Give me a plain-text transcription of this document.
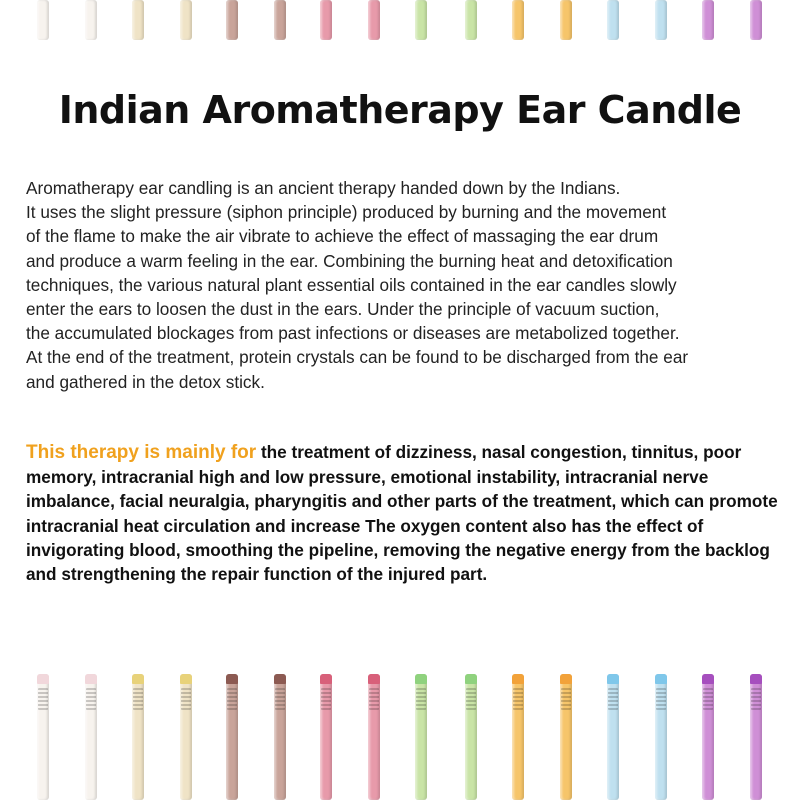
Indian Aromatherapy Ear Candle

Aromatherapy ear candling is an ancient therapy handed down by the Indians.
It uses the slight pressure (siphon principle) produced by burning and the movement
of the flame to make the air vibrate to achieve the effect of massaging the ear drum
and produce a warm feeling in the ear. Combining the burning heat and detoxification
techniques, the various natural plant essential oils contained in the ear candles slowly
enter the ears to loosen the dust in the ears. Under the principle of vacuum suction,
the accumulated blockages from past infections or diseases are metabolized together.
At the end of the treatment, protein crystals can be found to be discharged from the ear
and gathered in the detox stick.

This therapy is mainly for the treatment of dizziness, nasal congestion, tinnitus, poor memory, intracranial high and low pressure, emotional instability, intracranial nerve imbalance, facial neuralgia, pharyngitis and other parts of the treatment, which can promote intracranial heat circulation and increase The oxygen content also has the effect of invigorating blood, smoothing the pipeline, removing the negative energy from the backlog and strengthening the repair function of the injured part.
